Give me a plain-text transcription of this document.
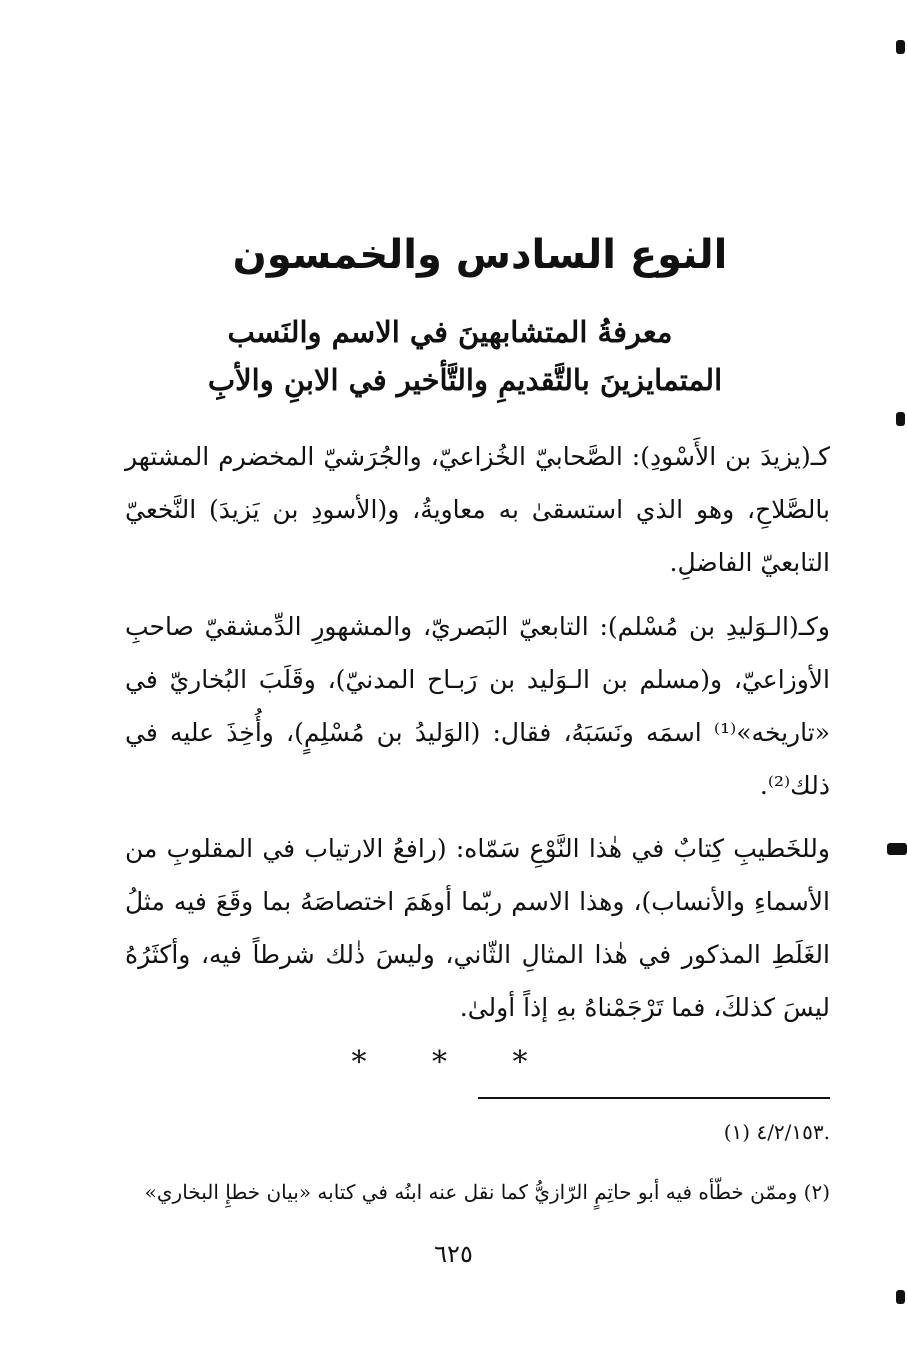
النوع السادس والخمسون
معرفةُ المتشابهينَ في الاسم والنَسب
المتمايزينَ بالتَّقديمِ والتَّأخير في الابنِ والأبِ

كـ(يزيدَ بن الأَسْودِ): الصَّحابيّ الخُزاعيّ، والجُرَشيّ المخضرم المشتهر بالصَّلاحِ، وهو الذي استسقىٰ به معاويةُ، و(الأسودِ بن يَزيدَ) النَّخعيّ التابعيّ الفاضلِ.

وكـ(الـوَليدِ بن مُسْلم): التابعيّ البَصريّ، والمشهورِ الدِّمشقيّ صاحبِ الأوزاعيّ، و(مسلم بن الـوَليد بن رَبـاح المدنيّ)، وقَلَبَ البُخاريّ في «تاريخه»⁽¹⁾ اسمَه ونَسَبَهُ، فقال: (الوَليدُ بن مُسْلِمٍ)، وأُخِذَ عليه في ذلك⁽²⁾.

وللخَطيبِ كِتابٌ في هٰذا النَّوْعِ سَمّاه: (رافعُ الارتياب في المقلوبِ من الأسماءِ والأنساب)، وهذا الاسم ربّما أوهَمَ اختصاصَهُ بما وقَعَ فيه مثلُ الغَلَطِ المذكور في هٰذا المثالِ الثّاني، وليسَ ذٰلك شرطاً فيه، وأكثَرُهُ ليسَ كذلكَ، فما تَرْجَمْناهُ بهِ إذاً أولىٰ.

* * *

(١) ٤/٢/١٥٣.

(٢) وممّن خطّأه فيه أبو حاتِمٍ الرّازيُّ كما نقل عنه ابنُه في كتابه «بيان خطإِ البخاري»

٦٢٥
